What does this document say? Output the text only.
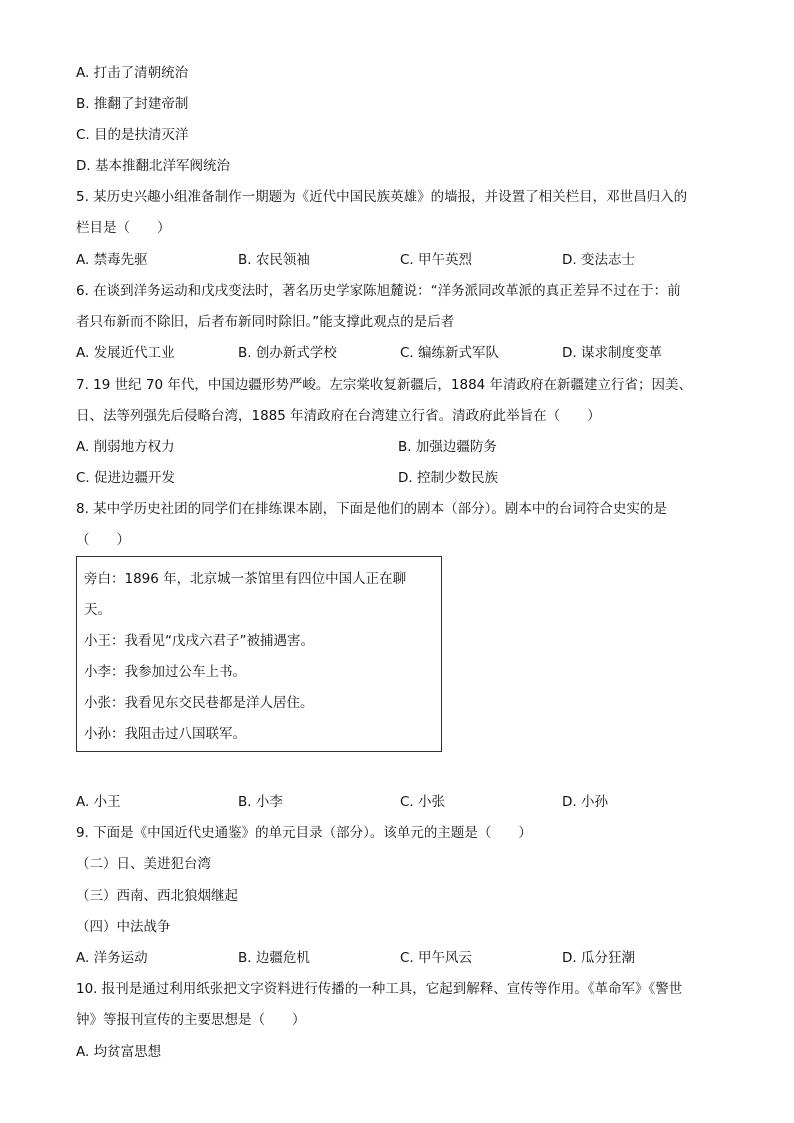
A. 打击了清朝统治
B. 推翻了封建帝制
C. 目的是扶清灭洋
D. 基本推翻北洋军阀统治
5. 某历史兴趣小组准备制作一期题为《近代中国民族英雄》的墙报，并设置了相关栏目，邓世昌归入的
栏目是（　　）
A. 禁毒先驱	B. 农民领袖	C. 甲午英烈	D. 变法志士
6. 在谈到洋务运动和戊戌变法时，著名历史学家陈旭麓说：“洋务派同改革派的真正差异不过在于：前
者只布新而不除旧，后者布新同时除旧。”能支撑此观点的是后者
A. 发展近代工业	B. 创办新式学校	C. 编练新式军队	D. 谋求制度变革
7. 19 世纪 70 年代，中国边疆形势严峻。左宗棠收复新疆后，1884 年清政府在新疆建立行省；因美、
日、法等列强先后侵略台湾，1885 年清政府在台湾建立行省。清政府此举旨在（　　）
A. 削弱地方权力	B. 加强边疆防务
C. 促进边疆开发	D. 控制少数民族
8. 某中学历史社团的同学们在排练课本剧，下面是他们的剧本（部分）。剧本中的台词符合史实的是
（　　）
旁白：1896 年，北京城一茶馆里有四位中国人正在聊
天。
小王：我看见“戊戌六君子”被捕遇害。
小李：我参加过公车上书。
小张：我看见东交民巷都是洋人居住。
小孙：我阻击过八国联军。
A. 小王	B. 小李	C. 小张	D. 小孙
9. 下面是《中国近代史通鉴》的单元目录（部分）。该单元的主题是（　　）
（二）日、美进犯台湾
（三）西南、西北狼烟继起
（四）中法战争
A. 洋务运动	B. 边疆危机	C. 甲午风云	D. 瓜分狂潮
10. 报刊是通过利用纸张把文字资料进行传播的一种工具，它起到解释、宣传等作用。《革命军》《警世
钟》等报刊宣传的主要思想是（　　）
A. 均贫富思想
